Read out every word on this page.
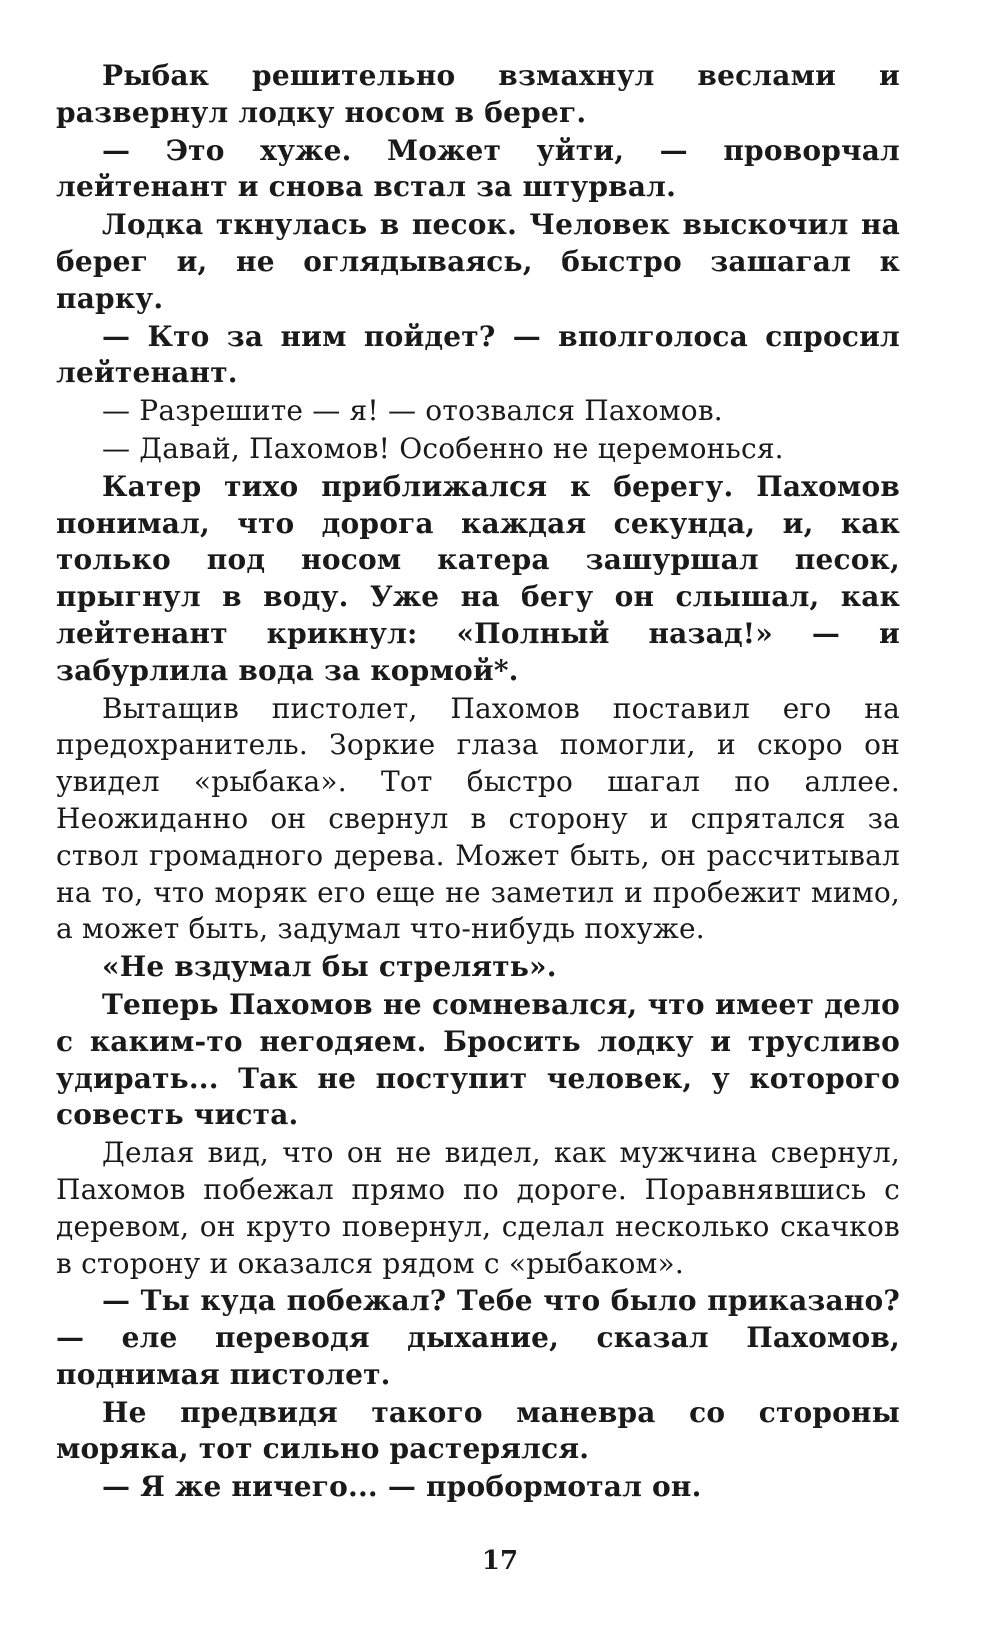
Рыбак решительно взмахнул веслами и развернул лодку носом в берег.

— Это хуже. Может уйти, — проворчал лейтенант и снова встал за штурвал.

Лодка ткнулась в песок. Человек выскочил на берег и, не оглядываясь, быстро зашагал к парку.

— Кто за ним пойдет? — вполголоса спросил лейтенант.

— Разрешите — я! — отозвался Пахомов.

— Давай, Пахомов! Особенно не церемонься.

Катер тихо приближался к берегу. Пахомов понимал, что дорога каждая секунда, и, как только под носом катера зашуршал песок, прыгнул в воду. Уже на бегу он слышал, как лейтенант крикнул: «Полный назад!» — и забурлила вода за кормой*.

Вытащив пистолет, Пахомов поставил его на предохранитель. Зоркие глаза помогли, и скоро он увидел «рыбака». Тот быстро шагал по аллее. Неожиданно он свернул в сторону и спрятался за ствол громадного дерева. Может быть, он рассчитывал на то, что моряк его еще не заметил и пробежит мимо, а может быть, задумал что-нибудь похуже.

«Не вздумал бы стрелять».

Теперь Пахомов не сомневался, что имеет дело с каким-то негодяем. Бросить лодку и трусливо удирать... Так не поступит человек, у которого совесть чиста.

Делая вид, что он не видел, как мужчина свернул, Пахомов побежал прямо по дороге. Поравнявшись с деревом, он круто повернул, сделал несколько скачков в сторону и оказался рядом с «рыбаком».

— Ты куда побежал? Тебе что было приказано? — еле переводя дыхание, сказал Пахомов, поднимая пистолет.

Не предвидя такого маневра со стороны моряка, тот сильно растерялся.

— Я же ничего... — пробормотал он.

17
